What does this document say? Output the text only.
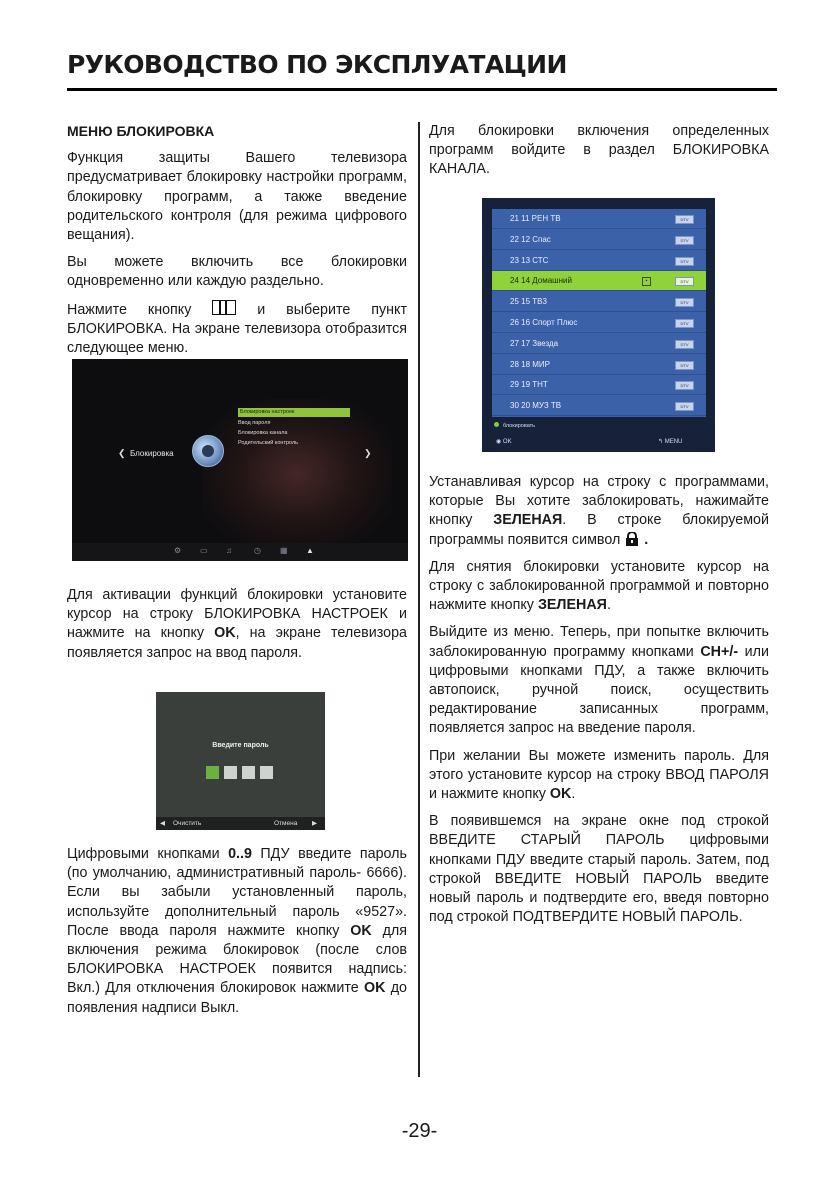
РУКОВОДСТВО ПО ЭКСПЛУАТАЦИИ

МЕНЮ БЛОКИРОВКА

Функция защиты Вашего телевизора предусматривает блокировку настройки программ, блокировку программ, а также введение родительского контроля (для режима цифрового вещания).

Вы можете включить все блокировки одновременно или каждую раздельно.

Нажмите кнопку	и выберите пункт БЛОКИРОВКА. На экране телевизора отобразится следующее меню.

Блокировка настроек
Ввод пароля
Блокировка канала
Родительский контроль
❮ Блокировка	❯
⚙ ▭ ♫	◷ ▦ ▲

Для активации функций блокировки установите курсор на строку БЛОКИРОВКА НАСТРОЕК и нажмите на кнопку OK, на экране телевизора появляется запрос на ввод пароля.

Введите пароль
◀ Очистить	Отмена ▶

Цифровыми кнопками 0..9 ПДУ введите пароль (по умолчанию, административный пароль- 6666). Если вы забыли установленный пароль, используйте дополнительный пароль «9527». После ввода пароля нажмите кнопку OK для включения режима блокировок (после слов БЛОКИРОВКА НАСТРОЕК появится надпись: Вкл.) Для отключения блокировок нажмите OK до появления надписи Выкл.

Для блокировки включения определенных программ войдите в раздел БЛОКИРОВКА КАНАЛА.

21 11 РЕН ТВ	DTV
22 12 Спас	DTV
23 13 СТС	DTV
24 14 Домашний	▪	DTV
25 15 ТВ3	DTV
26 16 Спорт Плюс	DTV
27 17 Звезда	DTV
28 18 МИР	DTV
29 19 ТНТ	DTV
30 20 МУЗ ТВ	DTV
блокировать
◉ OK	↰ MENU

Устанавливая курсор на строку с программами, которые Вы хотите заблокировать, нажимайте кнопку ЗЕЛЕНАЯ. В строке блокируемой программы появится символ .

Для снятия блокировки установите курсор на строку с заблокированной программой и повторно нажмите кнопку ЗЕЛЕНАЯ.

Выйдите из меню. Теперь, при попытке включить заблокированную программу кнопками CH+/- или цифровыми кнопками ПДУ, а также включить автопоиск, ручной поиск, осуществить редактирование записанных программ, появляется запрос на введение пароля.

При желании Вы можете изменить пароль. Для этого установите курсор на строку ВВОД ПАРОЛЯ и нажмите кнопку OK.

В появившемся на экране окне под строкой ВВЕДИТЕ СТАРЫЙ ПАРОЛЬ цифровыми кнопками ПДУ введите старый пароль. Затем, под строкой ВВЕДИТЕ НОВЫЙ ПАРОЛЬ введите новый пароль и подтвердите его, введя повторно под строкой ПОДТВЕРДИТЕ НОВЫЙ ПАРОЛЬ.

-29-
